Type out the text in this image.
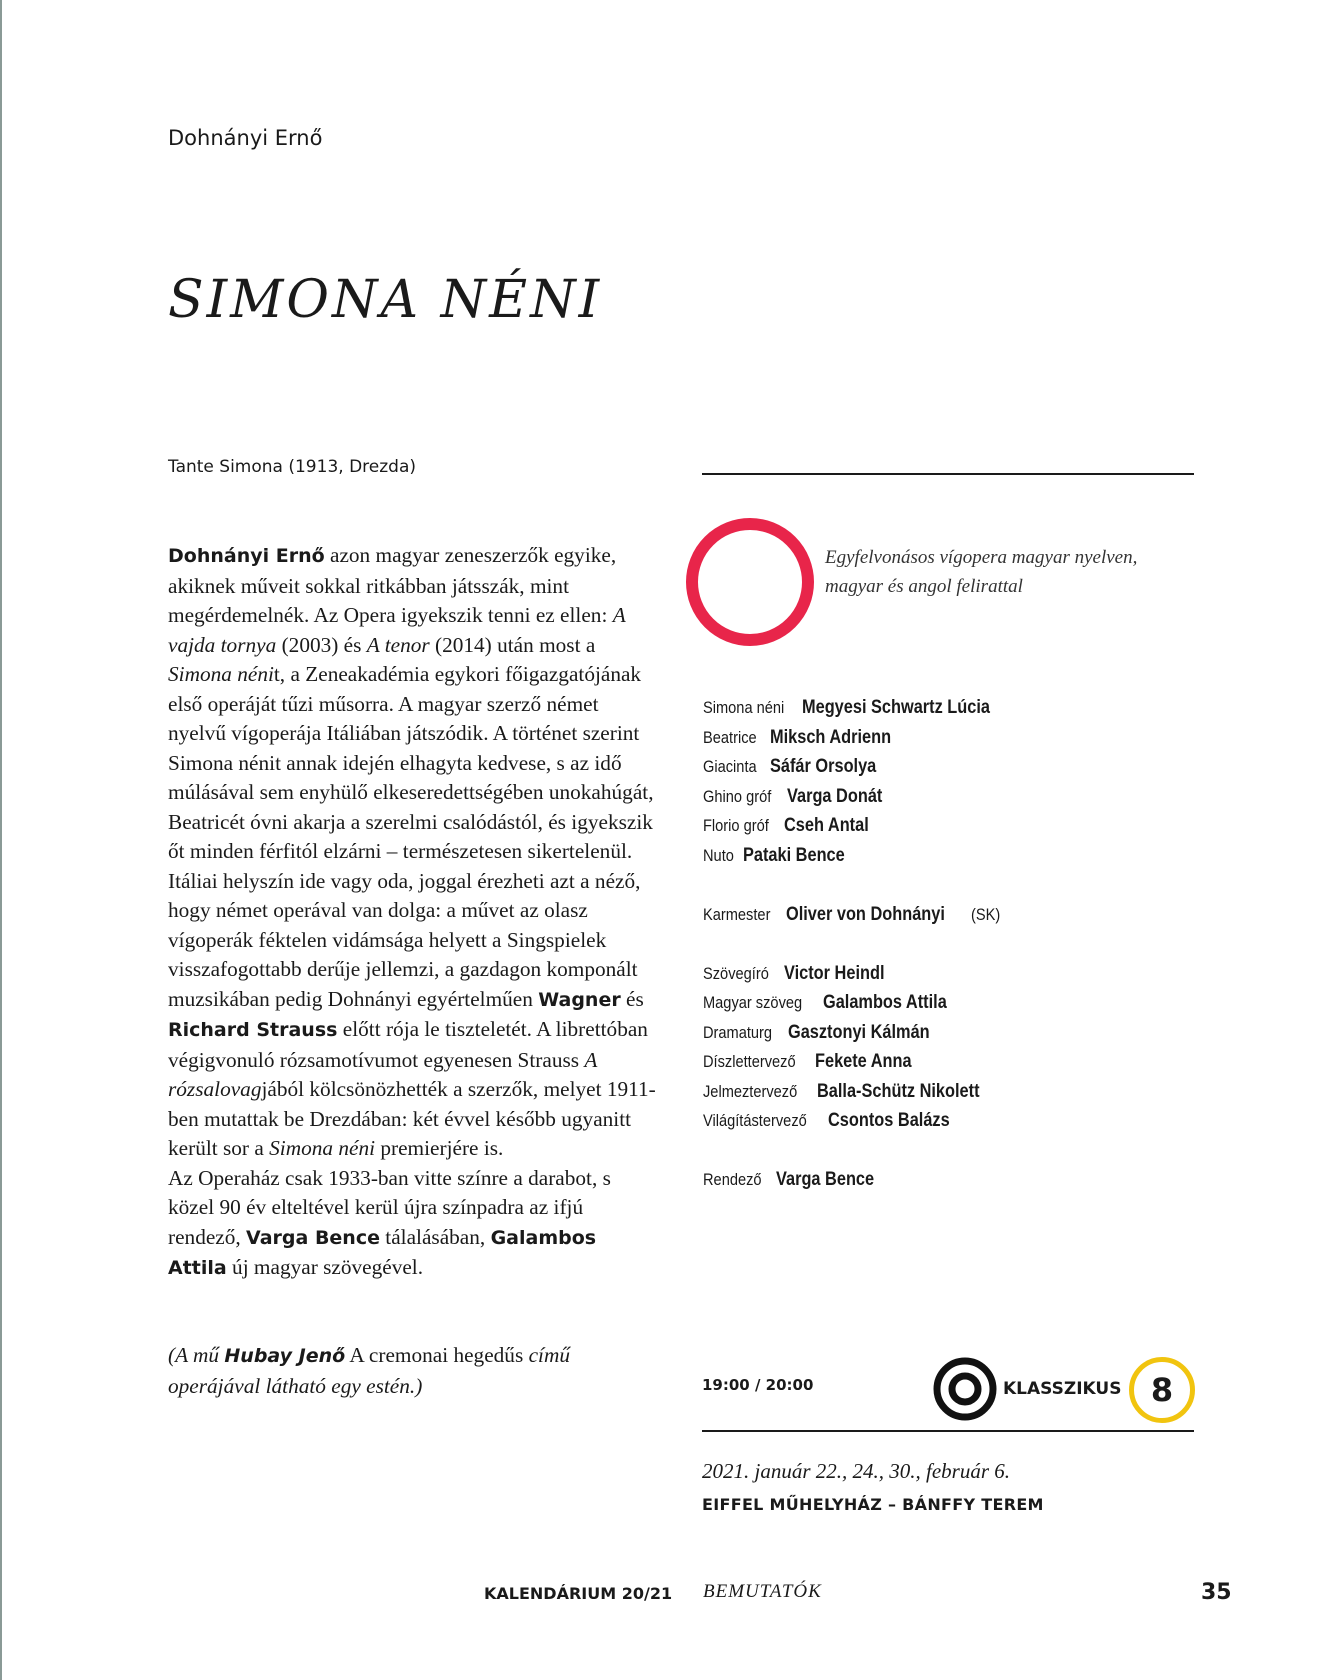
Dohnányi Ernő
SIMONA NÉNI
Tante Simona (1913, Drezda)

Dohnányi Ernő azon magyar zeneszerzők egyike, akiknek műveit sokkal ritkábban játsszák, mint megérdemelnék. Az Opera igyekszik tenni ez ellen: A vajda tornya (2003) és A tenor (2014) után most a Simona nénit, a Zeneakadémia egykori főigazgatójának első operáját tűzi műsorra. A magyar szerző német nyelvű vígoperája Itáliában játszódik. A történet szerint Simona nénit annak idején elhagyta kedvese, s az idő múlásával sem enyhülő elkeseredettségében unokahúgát, Beatricét óvni akarja a szerelmi csalódástól, és igyekszik őt minden férfitól elzárni – természetesen sikertelenül. Itáliai helyszín ide vagy oda, joggal érezheti azt a néző, hogy német operával van dolga: a művet az olasz vígoperák féktelen vidámsága helyett a Singspielek visszafogottabb derűje jellemzi, a gazdagon komponált muzsikában pedig Dohnányi egyértelműen Wagner és Richard Strauss előtt rója le tiszteletét. A librettóban végigvonuló rózsamotívumot egyenesen Strauss A rózsalovagjából kölcsönözhették a szerzők, melyet 1911-ben mutattak be Drezdában: két évvel később ugyanitt került sor a Simona néni premierjére is.

Az Operaház csak 1933-ban vitte színre a darabot, s közel 90 év elteltével kerül újra színpadra az ifjú rendező, Varga Bence tálalásában, Galambos Attila új magyar szövegével.

(A mű Hubay Jenő A cremonai hegedűs című operájával látható egy estén.)
Egyfelvonásos vígopera magyar nyelven, magyar és angol felirattal
Simona néni Megyesi Schwartz Lúcia
Beatrice Miksch Adrienn
Giacinta Sáfár Orsolya
Ghino gróf Varga Donát
Florio gróf Cseh Antal
Nuto Pataki Bence
Karmester Oliver von Dohnányi(SK)
Szövegíró Victor Heindl
Magyar szöveg Galambos Attila
Dramaturg Gasztonyi Kálmán
Díszlettervező Fekete Anna
Jelmeztervező Balla-Schütz Nikolett
Világítástervező Csontos Balázs
Rendező Varga Bence
19:00 / 20:00	KLASSZIKUS 8
2021. január 22., 24., 30., február 6.
EIFFEL MŰHELYHÁZ – BÁNFFY TEREM
KALENDÁRIUM 20/21 BEMUTATÓK	35
